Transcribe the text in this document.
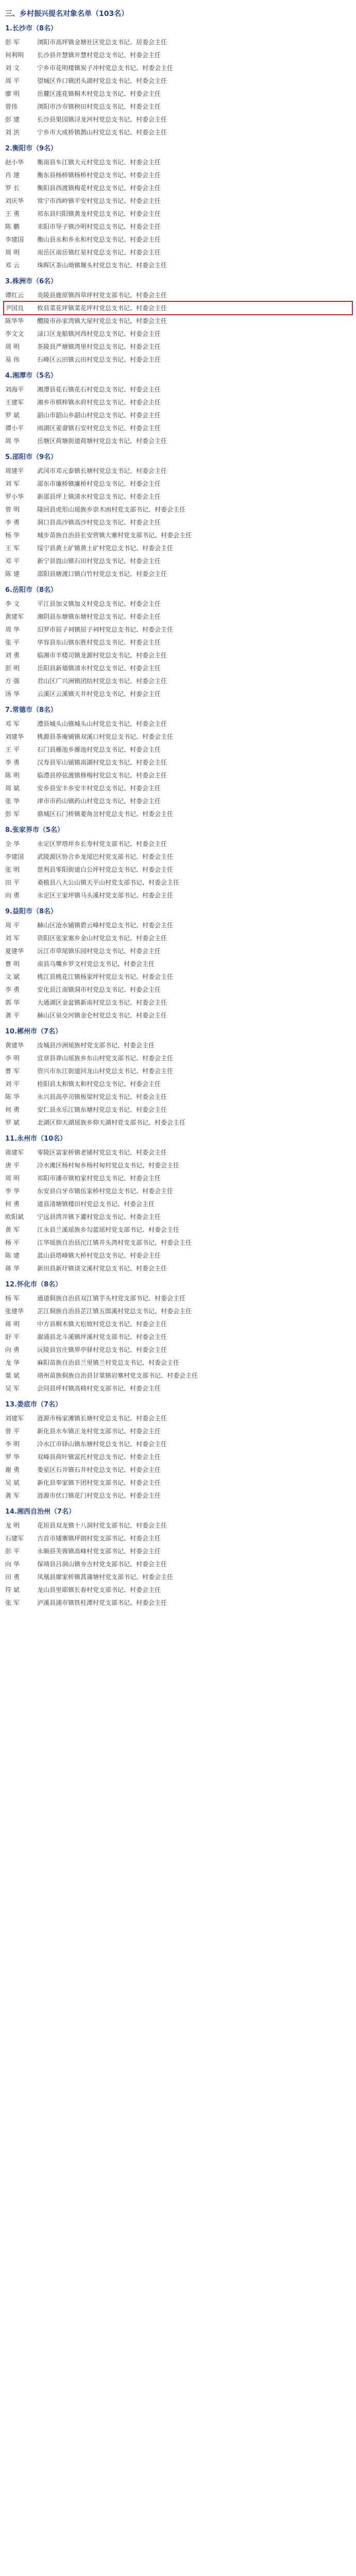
三、乡村振兴提名对象名单（103名）
1.长沙市（8名）
彭 军	浏阳市高坪镇金塘社区党总支书记、居委会主任
何利明	长沙县开慧镇开慧村党总支书记、村委会主任
刘 文	宁乡市花明楼镇炭子冲村党总支书记、村委会主任
周 平	望城区乔口镇团头湖村党总支书记、村委会主任
廖 明	岳麓区莲花镇桐木村党总支书记、村委会主任
曾伟	浏阳市沙市镇秧田村党总支书记、村委会主任
彭 建	长沙县果园镇浔龙河村党总支书记、村委会主任
刘 洪	宁乡市大成桥镇鹊山村党总支书记、村委会主任
2.衡阳市（9名）
赵小华	衡南县车江镇大元村党总支书记、村委会主任
肖 建	衡东县杨桥镇杨桥村党总支书记、村委会主任
罗 长	衡阳县西渡镇梅花村党总支书记、村委会主任
刘庆华	常宁市西岭镇平安村党总支书记、村委会主任
王 勇	祁东县归阳镇黄龙村党总支书记、村委会主任
陈 鹏	耒阳市导子镇沙明村党总支书记、村委会主任
李建国	衡山县永和乡永和村党总支书记、村委会主任
周 明	南岳区南岳镇红星村党总支书记、村委会主任
邓 云	珠晖区茶山坳镇堰头村党总支书记、村委会主任
3.株洲市（6名）
谭红云	炎陵县鹿原镇西草坪村党支部书记、村委会主任
尹国良	攸县菜花坪镇菜花坪村党总支书记、村委会主任
陈华华	醴陵市孙家湾镇大屋村党总支书记、村委会主任
李文文	渌口区龙船镇河西村党总支书记、村委会主任
周 明	茶陵县严塘镇湾里村党总支书记、村委会主任
易 伟	石峰区云田镇云田村党总支书记、村委会主任
4.湘潭市（5名）
刘海平	湘潭县花石镇花石村党总支书记、村委会主任
王建军	湘乡市棋梓镇水府村党总支书记、村委会主任
罗 斌	韶山市韶山乡韶山村党总支书记、村委会主任
谭小平	雨湖区姜畲镇石安村党总支书记、村委会主任
周 华	岳塘区荷塘街道荷塘村党总支书记、村委会主任
5.邵阳市（9名）
周建平	武冈市邓元泰镇长塘村党总支书记、村委会主任
刘 军	邵东市廉桥镇廉桥村党总支书记、村委会主任
罗小华	新邵县坪上镇清水村党总支书记、村委会主任
曾 明	隆回县虎形山瑶族乡崇木凼村党支部书记、村委会主任
李 勇	洞口县高沙镇高沙村党总支书记、村委会主任
杨 华	城步苗族自治县长安营镇大寨村党支部书记、村委会主任
王 军	绥宁县黄土矿镇黄土矿村党总支书记、村委会主任
邓 平	新宁县崀山镇石田村党总支书记、村委会主任
陈 建	邵阳县塘渡口镇白竹村党总支书记、村委会主任
6.岳阳市（8名）
李 文	平江县加义镇加义村党总支书记、村委会主任
黄建军	湘阴县东塘镇东塘村党总支书记、村委会主任
周 华	汨罗市屈子祠镇屈子祠村党总支书记、村委会主任
张 平	华容县东山镇东胜村党总支书记、村委会主任
刘 勇	临湘市羊楼司镇龙源村党总支书记、村委会主任
彭 明	岳阳县新墙镇清水村党总支书记、村委会主任
方 强	君山区广兴洲镇团结村党总支书记、村委会主任
汤 华	云溪区云溪镇天井村党总支书记、村委会主任
7.常德市（8名）
邓 军	澧县城头山镇城头山村党总支书记、村委会主任
刘建华	桃源县茶庵铺镇双溪口村党总支书记、村委会主任
王 平	石门县雁池乡雁池村党总支书记、村委会主任
李 勇	汉寿县军山铺镇南湖村党总支书记、村委会主任
陈 明	临澧县停弦渡镇修梅村党总支书记、村委会主任
周 斌	安乡县安丰乡安丰村党总支书记、村委会主任
张 华	津市市药山镇药山村党总支书记、村委会主任
彭 军	鼎城区石门桥镇菱角岔村党总支书记、村委会主任
8.张家界市（5名）
全 华	永定区罗塔坪乡长寿村党支部书记、村委会主任
李建国	武陵源区协合乡龙尾巴村党支部书记、村委会主任
张 明	慈利县零阳街道白公坪村党总支书记、村委会主任
田 平	桑植县八大公山镇天平山村党支部书记、村委会主任
向 勇	永定区王家坪镇马头溪村党支部书记、村委会主任
9.益阳市（8名）
周 平	赫山区沧水铺镇碧云峰村党总支书记、村委会主任
刘 军	资阳区张家塞乡金山村党总支书记、村委会主任
夏建华	沅江市草尾镇乐园村党总支书记、村委会主任
曹 明	南县乌嘴乡罗文村党总支书记、村委会主任
文 斌	桃江县桃花江镇杨家坪村党总支书记、村委会主任
李 勇	安化县江南镇洞市村党总支书记、村委会主任
郭 华	大通湖区金盆镇新南村党总支书记、村委会主任
龚 平	赫山区泉交河镇金仑村党总支书记、村委会主任
10.郴州市（7名）
黄建华	汝城县沙洲瑶族村党支部书记、村委会主任
李 明	宜章县莽山瑶族乡东山村党支部书记、村委会主任
曹 军	资兴市东江街道回龙山村党总支书记、村委会主任
刘 平	桂阳县太和镇太和村党总支书记、村委会主任
陈 华	永兴县高亭司镇板梁村党总支书记、村委会主任
何 勇	安仁县永乐江镇东塘村党总支书记、村委会主任
罗 斌	北湖区仰天湖瑶族乡仰天湖村党支部书记、村委会主任
11.永州市（10名）
蒋建军	零陵区富家桥镇老铺村党总支书记、村委会主任
唐 平	冷水滩区杨村甸乡杨村甸村党总支书记、村委会主任
周 明	祁阳市潘市镇柏家村党总支书记、村委会主任
李 华	东安县白牙市镇伍家桥村党总支书记、村委会主任
何 勇	道县清塘镇楼田村党总支书记、村委会主任
欧阳斌	宁远县湾井镇下灌村党总支书记、村委会主任
黄 军	江永县兰溪瑶族乡勾蓝瑶村党支部书记、村委会主任
杨 平	江华瑶族自治县沱江镇井头湾村党支部书记、村委会主任
陈 建	蓝山县塔峰镇大桥村党总支书记、村委会主任
蒋 华	新田县新圩镇谈文溪村党总支书记、村委会主任
12.怀化市（8名）
杨 军	通道侗族自治县双江镇芋头村党支部书记、村委会主任
张建华	芷江侗族自治县芷江镇五郎溪村党总支书记、村委会主任
蒋 明	中方县桐木镇大松坡村党总支书记、村委会主任
舒 平	溆浦县北斗溪镇坪溪村党支部书记、村委会主任
向 勇	沅陵县官庄镇界亭驿村党总支书记、村委会主任
龙 华	麻阳苗族自治县兰里镇兰村党总支书记、村委会主任
粟 斌	靖州苗族侗族自治县甘棠镇岩寨村党支部书记、村委会主任
吴 军	会同县坪村镇高椅村党支部书记、村委会主任
13.娄底市（7名）
刘建军	涟源市杨家滩镇长塘村党总支书记、村委会主任
曾 平	新化县水车镇正龙村党支部书记、村委会主任
李 明	冷水江市铎山镇东塘村党总支书记、村委会主任
罗 华	双峰县荷叶镇富托村党总支书记、村委会主任
谢 勇	娄星区石井镇石井村党总支书记、村委会主任
吴 斌	新化县奉家镇下团村党支部书记、村委会主任
龚 军	涟源市伏口镇花门村党总支书记、村委会主任
14.湘西自治州（7名）
龙 明	花垣县双龙镇十八洞村党支部书记、村委会主任
石建军	吉首市矮寨镇坪朗村党支部书记、村委会主任
彭 平	永顺县芙蓉镇高峰村党支部书记、村委会主任
向 华	保靖县吕洞山镇夯吉村党支部书记、村委会主任
田 勇	凤凰县廖家桥镇菖蒲塘村党支部书记、村委会主任
符 斌	龙山县里耶镇长春村党支部书记、村委会主任
张 军	泸溪县浦市镇铁柱潭村党支部书记、村委会主任
